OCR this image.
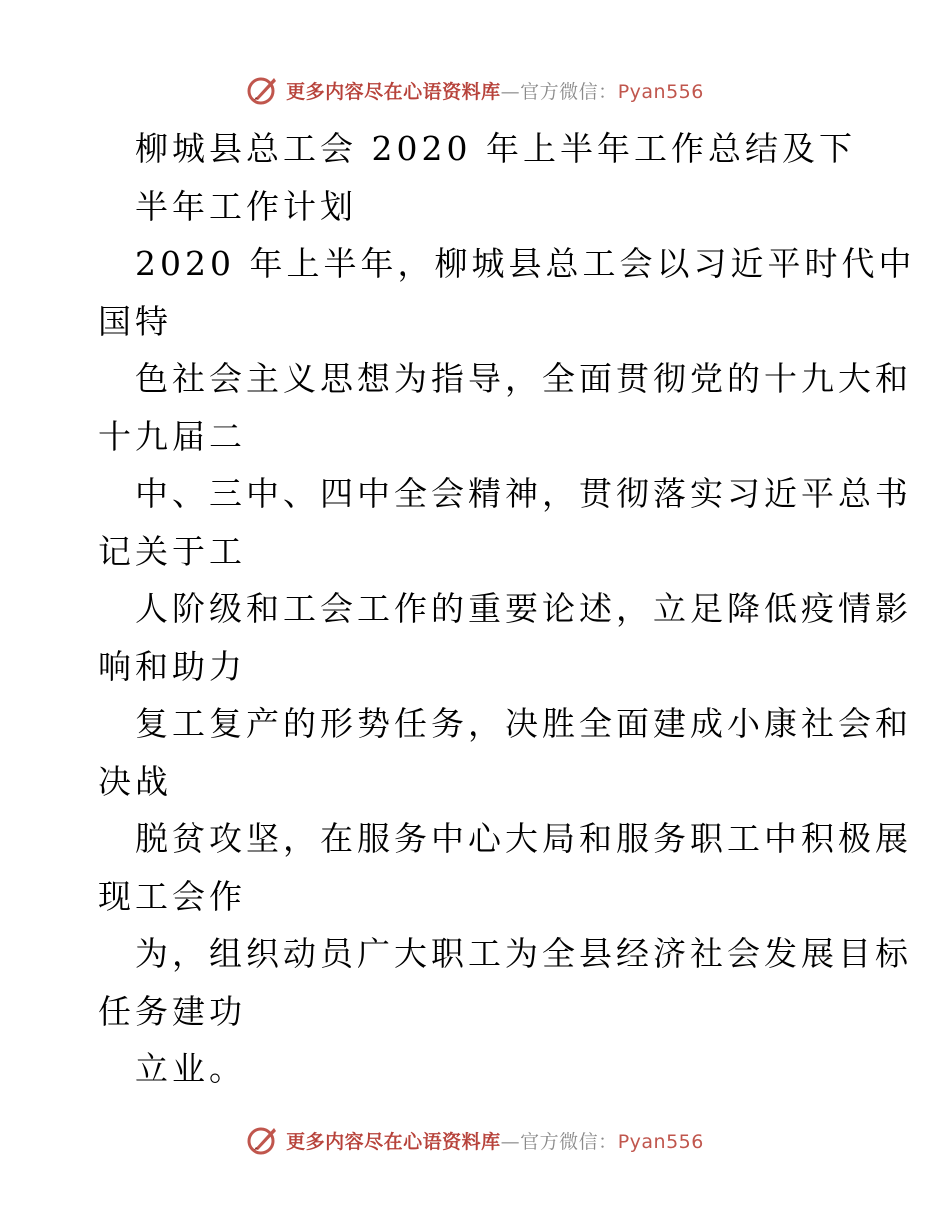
更多内容尽在心语资料库—官方微信：Pyan556
柳城县总工会 2020 年上半年工作总结及下
半年工作计划
2020 年上半年，柳城县总工会以习近平时代中
国特
色社会主义思想为指导，全面贯彻党的十九大和
十九届二
中、三中、四中全会精神，贯彻落实习近平总书
记关于工
人阶级和工会工作的重要论述，立足降低疫情影
响和助力
复工复产的形势任务，决胜全面建成小康社会和
决战
脱贫攻坚，在服务中心大局和服务职工中积极展
现工会作
为，组织动员广大职工为全县经济社会发展目标
任务建功
立业。
更多内容尽在心语资料库—官方微信：Pyan556
